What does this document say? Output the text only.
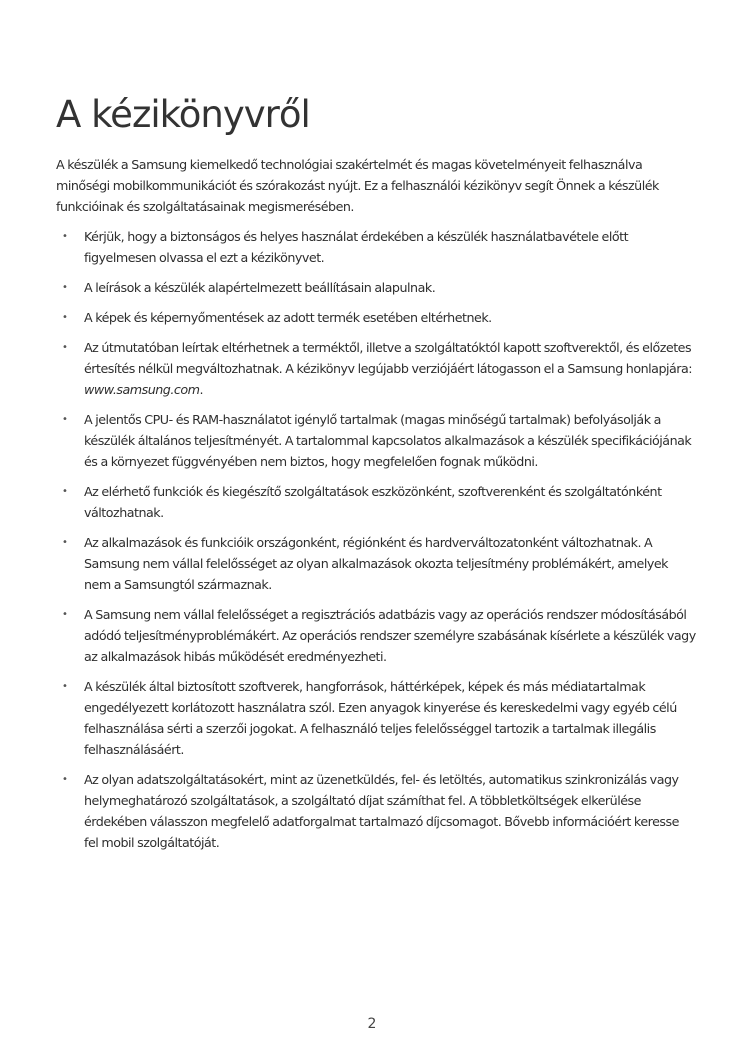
A kézikönyvről

A készülék a Samsung kiemelkedő technológiai szakértelmét és magas követelményeit felhasználva minőségi mobilkommunikációt és szórakozást nyújt. Ez a felhasználói kézikönyv segít Önnek a készülék funkcióinak és szolgáltatásainak megismerésében.

•	Kérjük, hogy a biztonságos és helyes használat érdekében a készülék használatbavétele előtt figyelmesen olvassa el ezt a kézikönyvet.
•	A leírások a készülék alapértelmezett beállításain alapulnak.
•	A képek és képernyőmentések az adott termék esetében eltérhetnek.
•	Az útmutatóban leírtak eltérhetnek a terméktől, illetve a szolgáltatóktól kapott szoftverektől, és előzetes értesítés nélkül megváltozhatnak. A kézikönyv legújabb verziójáért látogasson el a Samsung honlapjára: www.samsung.com.
•	A jelentős CPU- és RAM-használatot igénylő tartalmak (magas minőségű tartalmak) befolyásolják a készülék általános teljesítményét. A tartalommal kapcsolatos alkalmazások a készülék specifikációjának és a környezet függvényében nem biztos, hogy megfelelően fognak működni.
•	Az elérhető funkciók és kiegészítő szolgáltatások eszközönként, szoftverenként és szolgáltatónként változhatnak.
•	Az alkalmazások és funkcióik országonként, régiónként és hardverváltozatonként változhatnak. A Samsung nem vállal felelősséget az olyan alkalmazások okozta teljesítmény problémákért, amelyek nem a Samsungtól származnak.
•	A Samsung nem vállal felelősséget a regisztrációs adatbázis vagy az operációs rendszer módosításából adódó teljesítményproblémákért. Az operációs rendszer személyre szabásának kísérlete a készülék vagy az alkalmazások hibás működését eredményezheti.
•	A készülék által biztosított szoftverek, hangforrások, háttérképek, képek és más médiatartalmak engedélyezett korlátozott használatra szól. Ezen anyagok kinyerése és kereskedelmi vagy egyéb célú felhasználása sérti a szerzői jogokat. A felhasználó teljes felelősséggel tartozik a tartalmak illegális felhasználásáért.
•	Az olyan adatszolgáltatásokért, mint az üzenetküldés, fel- és letöltés, automatikus szinkronizálás vagy helymeghatározó szolgáltatások, a szolgáltató díjat számíthat fel. A többletköltségek elkerülése érdekében válasszon megfelelő adatforgalmat tartalmazó díjcsomagot. Bővebb információért keresse fel mobil szolgáltatóját.
2
